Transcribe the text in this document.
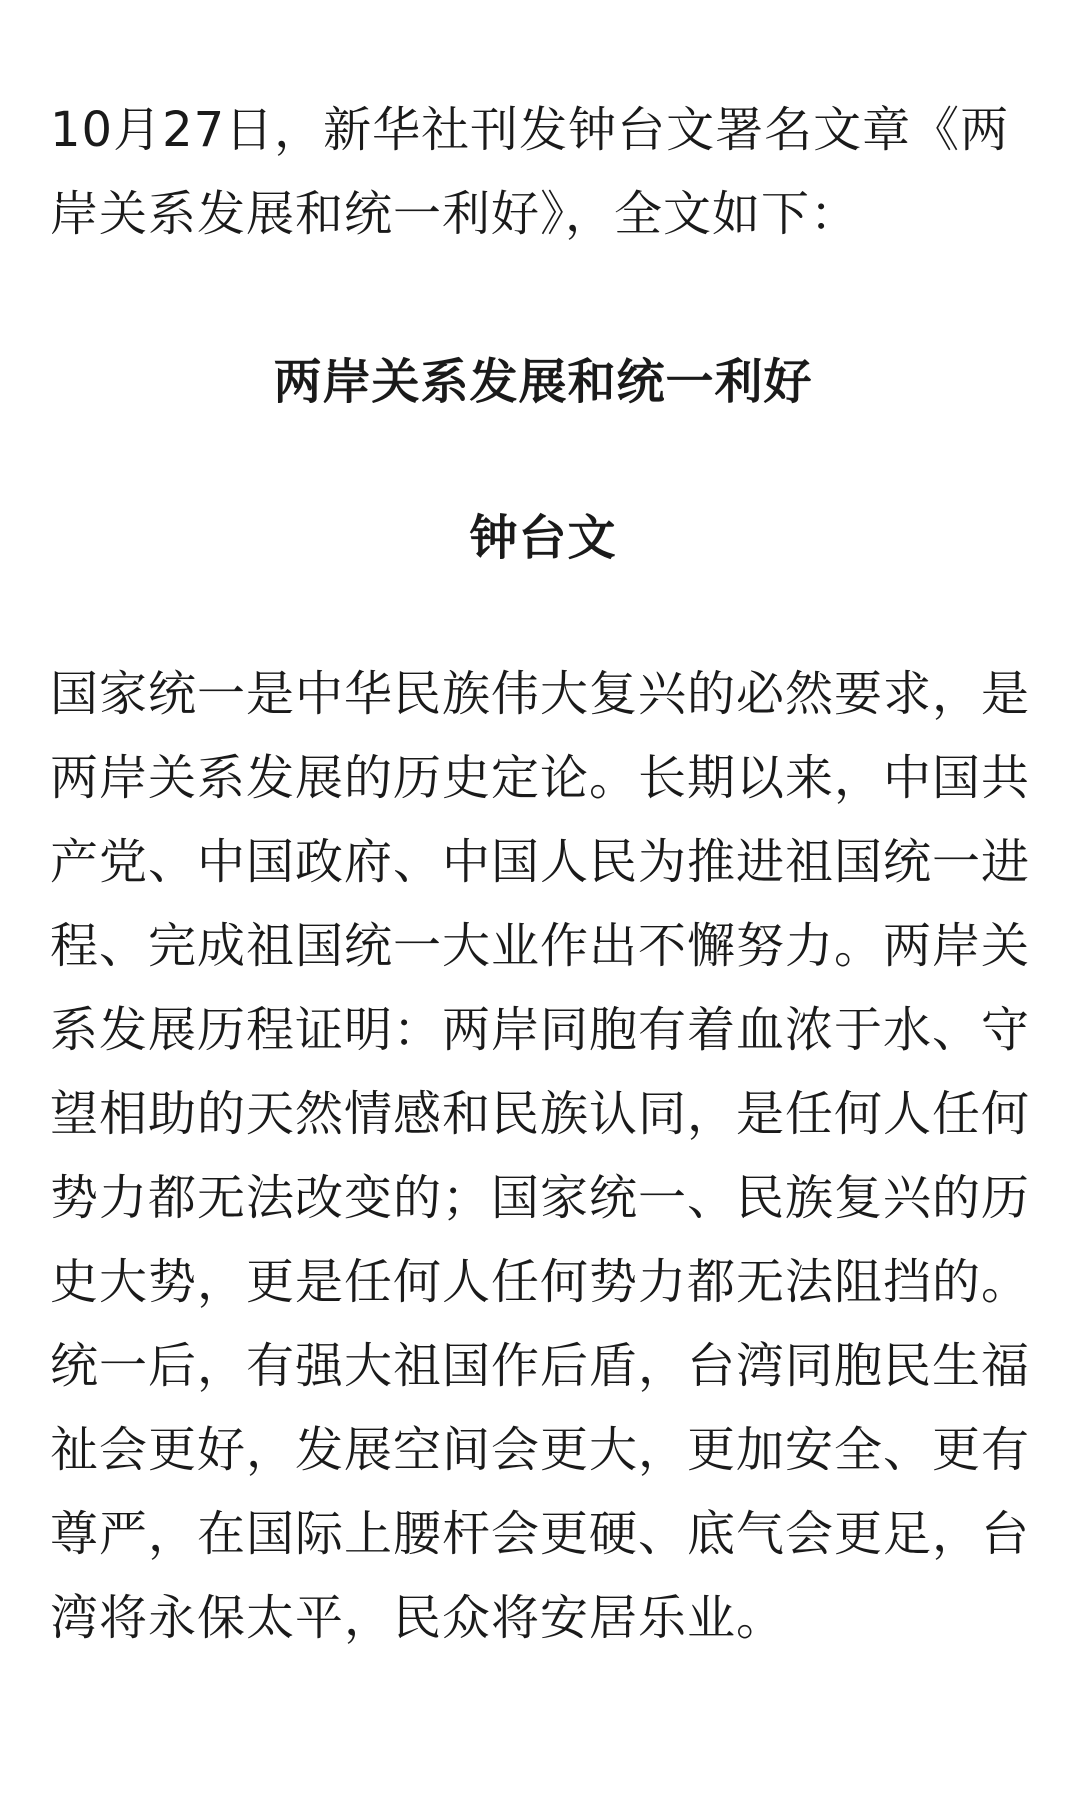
10月27日，新华社刊发钟台文署名文章《两岸关系发展和统一利好》，全文如下：

两岸关系发展和统一利好
钟台文

国家统一是中华民族伟大复兴的必然要求，是两岸关系发展的历史定论。长期以来，中国共产党、中国政府、中国人民为推进祖国统一进程、完成祖国统一大业作出不懈努力。两岸关系发展历程证明：两岸同胞有着血浓于水、守望相助的天然情感和民族认同，是任何人任何势力都无法改变的；国家统一、民族复兴的历史大势，更是任何人任何势力都无法阻挡的。统一后，有强大祖国作后盾，台湾同胞民生福祉会更好，发展空间会更大，更加安全、更有尊严，在国际上腰杆会更硬、底气会更足，台湾将永保太平，民众将安居乐业。
